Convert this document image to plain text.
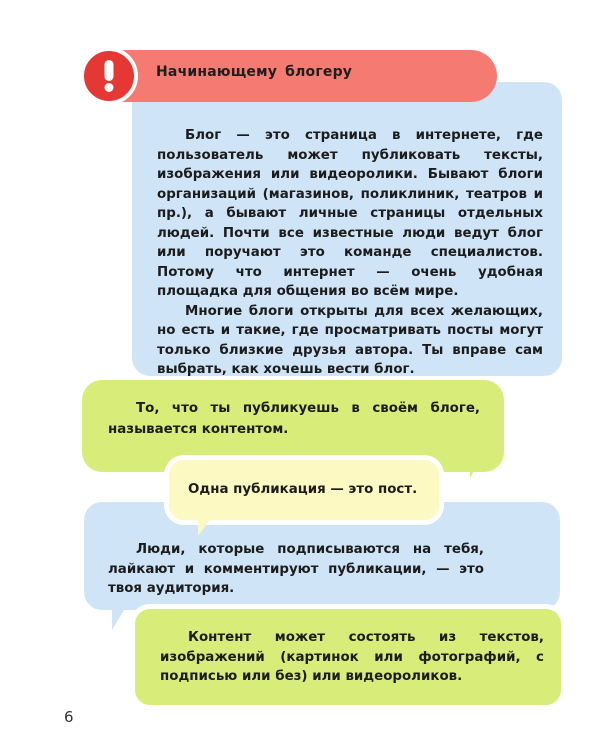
Блог — это страница в интернете, где пользователь может публиковать тексты, изображения или видеоролики. Бывают блоги организаций (магазинов, поликлиник, театров и пр.), а бывают личные страницы отдельных людей. Почти все известные люди ведут блог или поручают это команде специалистов. Потому что интернет — очень удобная площадка для общения во всём мире.

Многие блоги открыты для всех желающих, но есть и такие, где просматривать посты могут только близкие друзья автора. Ты вправе сам выбрать, как хочешь вести блог.

Начинающему блогеру
То, что ты публикуешь в своём блоге, называется контентом.
Одна публикация — это пост.
Люди, которые подписываются на тебя, лайкают и комментируют публикации, — это твоя аудитория.
Контент может состоять из текстов, изображений (картинок или фотографий, с подписью или без) или видеороликов.
6
